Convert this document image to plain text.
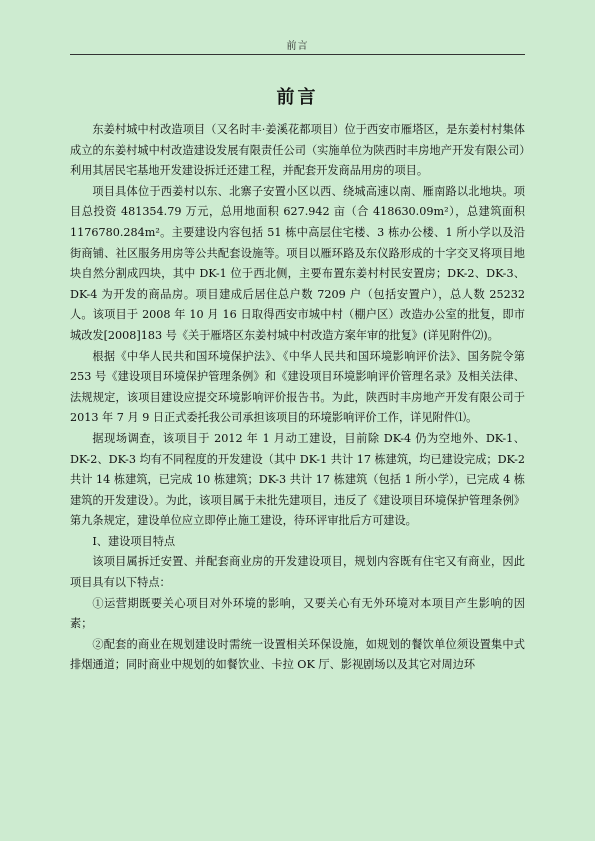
前言
前言

东姜村城中村改造项目（又名时丰·姜溪花都项目）位于西安市雁塔区，是东姜村村集体成立的东姜村城中村改造建设发展有限责任公司（实施单位为陕西时丰房地产开发有限公司）利用其居民宅基地开发建设拆迁还建工程，并配套开发商品用房的项目。

项目具体位于西姜村以东、北寨子安置小区以西、绕城高速以南、雁南路以北地块。项目总投资 481354.79 万元，总用地面积 627.942 亩（合 418630.09m²），总建筑面积 1176780.284m²。主要建设内容包括 51 栋中高层住宅楼、3 栋办公楼、1 所小学以及沿街商铺、社区服务用房等公共配套设施等。项目以雁环路及东仪路形成的十字交叉将项目地块自然分割成四块，其中 DK-1 位于西北侧，主要布置东姜村村民安置房；DK-2、DK-3、DK-4 为开发的商品房。项目建成后居住总户数 7209 户（包括安置户），总人数 25232 人。该项目于 2008 年 10 月 16 日取得西安市城中村（棚户区）改造办公室的批复，即市城改发[2008]183 号《关于雁塔区东姜村城中村改造方案年审的批复》(详见附件⑵)。

根据《中华人民共和国环境保护法》、《中华人民共和国环境影响评价法》、国务院令第 253 号《建设项目环境保护管理条例》和《建设项目环境影响评价管理名录》及相关法律、法规规定，该项目建设应提交环境影响评价报告书。为此，陕西时丰房地产开发有限公司于 2013 年 7 月 9 日正式委托我公司承担该项目的环境影响评价工作，详见附件⑴。

据现场调查，该项目于 2012 年 1 月动工建设，目前除 DK-4 仍为空地外、DK-1、DK-2、DK-3 均有不同程度的开发建设（其中 DK-1 共计 17 栋建筑，均已建设完成；DK-2 共计 14 栋建筑，已完成 10 栋建筑；DK-3 共计 17 栋建筑（包括 1 所小学），已完成 4 栋建筑的开发建设）。为此，该项目属于未批先建项目，违反了《建设项目环境保护管理条例》第九条规定，建设单位应立即停止施工建设，待环评审批后方可建设。

Ⅰ、建设项目特点

该项目属拆迁安置、并配套商业房的开发建设项目，规划内容既有住宅又有商业，因此项目具有以下特点：

①运营期既要关心项目对外环境的影响，又要关心有无外环境对本项目产生影响的因素；

②配套的商业在规划建设时需统一设置相关环保设施，如规划的餐饮单位须设置集中式排烟通道；同时商业中规划的如餐饮业、卡拉 OK 厅、影视剧场以及其它对周边环
